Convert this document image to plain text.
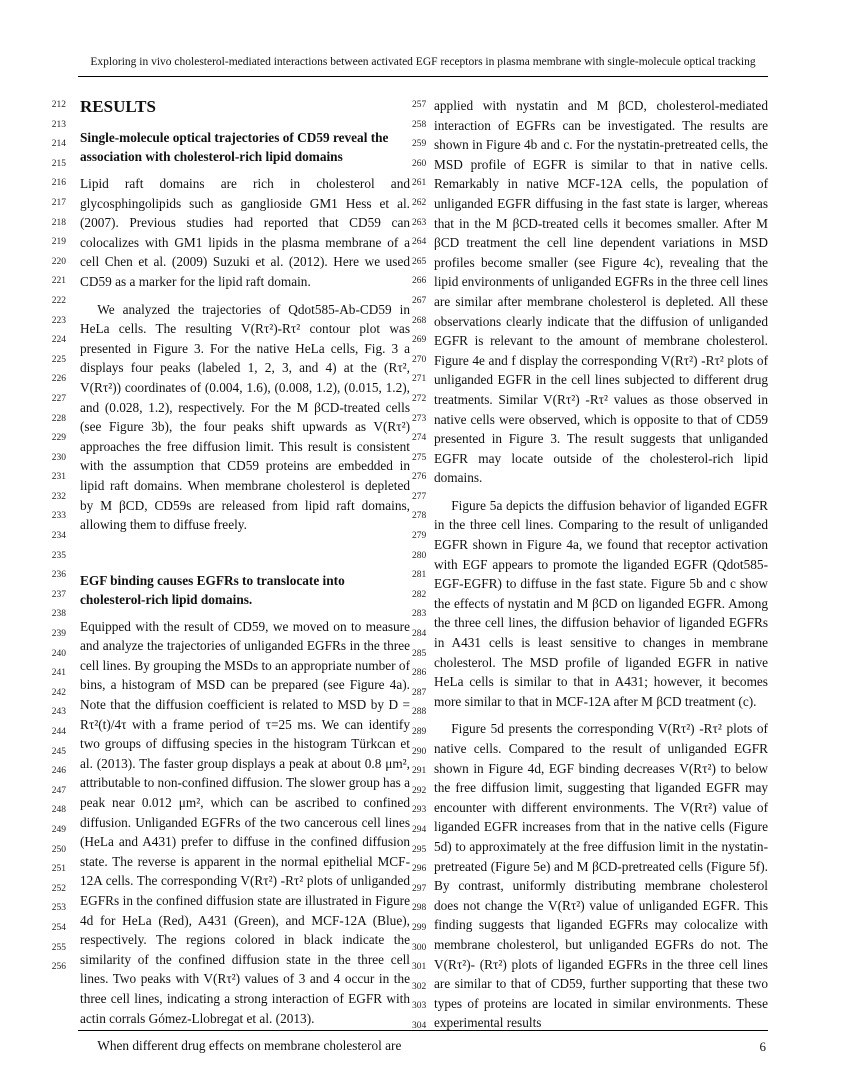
Exploring in vivo cholesterol-mediated interactions between activated EGF receptors in plasma membrane with single-molecule optical tracking
212
213
214
215
216
217
218
219
220
221
222
223
224
225
226
227
228
229
230
231
232
233
234
235
236
237
238
239
240
241
242
243
244
245
246
247
248
249
250
251
252
253
254
255
256
257
258
259
260
261
262
263
264
265
266
267
268
269
270
271
272
273
274
275
276
277
278
279
280
281
282
283
284
285
286
287
288
289
290
291
292
293
294
295
296
297
298
299
300
301
302
303
304
RESULTS
Single-molecule optical trajectories of CD59 reveal the association with cholesterol-rich lipid domains

Lipid raft domains are rich in cholesterol and glycosphingolipids such as ganglioside GM1 Hess et al. (2007). Previous studies had reported that CD59 can colocalizes with GM1 lipids in the plasma membrane of a cell Chen et al. (2009) Suzuki et al. (2012). Here we used CD59 as a marker for the lipid raft domain.

We analyzed the trajectories of Qdot585-Ab-CD59 in HeLa cells. The resulting V(Rτ²)-Rτ² contour plot was presented in Figure 3. For the native HeLa cells, Fig. 3 a displays four peaks (labeled 1, 2, 3, and 4) at the (Rτ², V(Rτ²)) coordinates of (0.004, 1.6), (0.008, 1.2), (0.015, 1.2), and (0.028, 1.2), respectively. For the M βCD-treated cells (see Figure 3b), the four peaks shift upwards as V(Rτ²) approaches the free diffusion limit. This result is consistent with the assumption that CD59 proteins are embedded in lipid raft domains. When membrane cholesterol is depleted by M βCD, CD59s are released from lipid raft domains, allowing them to diffuse freely.

EGF binding causes EGFRs to translocate into cholesterol-rich lipid domains.

Equipped with the result of CD59, we moved on to measure and analyze the trajectories of unliganded EGFRs in the three cell lines. By grouping the MSDs to an appropriate number of bins, a histogram of MSD can be prepared (see Figure 4a). Note that the diffusion coefficient is related to MSD by D = Rτ²(t)/4τ with a frame period of τ=25 ms. We can identify two groups of diffusing species in the histogram Türkcan et al. (2013). The faster group displays a peak at about 0.8 μm², attributable to non-confined diffusion. The slower group has a peak near 0.012 μm², which can be ascribed to confined diffusion. Unliganded EGFRs of the two cancerous cell lines (HeLa and A431) prefer to diffuse in the confined diffusion state. The reverse is apparent in the normal epithelial MCF-12A cells. The corresponding V(Rτ²) -Rτ² plots of unliganded EGFRs in the confined diffusion state are illustrated in Figure 4d for HeLa (Red), A431 (Green), and MCF-12A (Blue), respectively. The regions colored in black indicate the similarity of the confined diffusion state in the three cell lines. Two peaks with V(Rτ²) values of 3 and 4 occur in the three cell lines, indicating a strong interaction of EGFR with actin corrals Gómez-Llobregat et al. (2013).

When different drug effects on membrane cholesterol are

applied with nystatin and M βCD, cholesterol-mediated interaction of EGFRs can be investigated. The results are shown in Figure 4b and c. For the nystatin-pretreated cells, the MSD profile of EGFR is similar to that in native cells. Remarkably in native MCF-12A cells, the population of unliganded EGFR diffusing in the fast state is larger, whereas that in the M βCD-treated cells it becomes smaller. After M βCD treatment the cell line dependent variations in MSD profiles become smaller (see Figure 4c), revealing that the lipid environments of unliganded EGFRs in the three cell lines are similar after membrane cholesterol is depleted. All these observations clearly indicate that the diffusion of unliganded EGFR is relevant to the amount of membrane cholesterol. Figure 4e and f display the corresponding V(Rτ²) -Rτ² plots of unliganded EGFR in the cell lines subjected to different drug treatments. Similar V(Rτ²) -Rτ² values as those observed in native cells were observed, which is opposite to that of CD59 presented in Figure 3. The result suggests that unliganded EGFR may locate outside of the cholesterol-rich lipid domains.

Figure 5a depicts the diffusion behavior of liganded EGFR in the three cell lines. Comparing to the result of unliganded EGFR shown in Figure 4a, we found that receptor activation with EGF appears to promote the liganded EGFR (Qdot585-EGF-EGFR) to diffuse in the fast state. Figure 5b and c show the effects of nystatin and M βCD on liganded EGFR. Among the three cell lines, the diffusion behavior of liganded EGFRs in A431 cells is least sensitive to changes in membrane cholesterol. The MSD profile of liganded EGFR in native HeLa cells is similar to that in A431; however, it becomes more similar to that in MCF-12A after M βCD treatment (c).

Figure 5d presents the corresponding V(Rτ²) -Rτ² plots of native cells. Compared to the result of unliganded EGFR shown in Figure 4d, EGF binding decreases V(Rτ²) to below the free diffusion limit, suggesting that liganded EGFR may encounter with different environments. The V(Rτ²) value of liganded EGFR increases from that in the native cells (Figure 5d) to approximately at the free diffusion limit in the nystatin-pretreated (Figure 5e) and M βCD-pretreated cells (Figure 5f). By contrast, uniformly distributing membrane cholesterol does not change the V(Rτ²) value of unliganded EGFR. This finding suggests that liganded EGFRs may colocalize with membrane cholesterol, but unliganded EGFRs do not. The V(Rτ²)- (Rτ²) plots of liganded EGFRs in the three cell lines are similar to that of CD59, further supporting that these two types of proteins are located in similar environments. These experimental results

6
